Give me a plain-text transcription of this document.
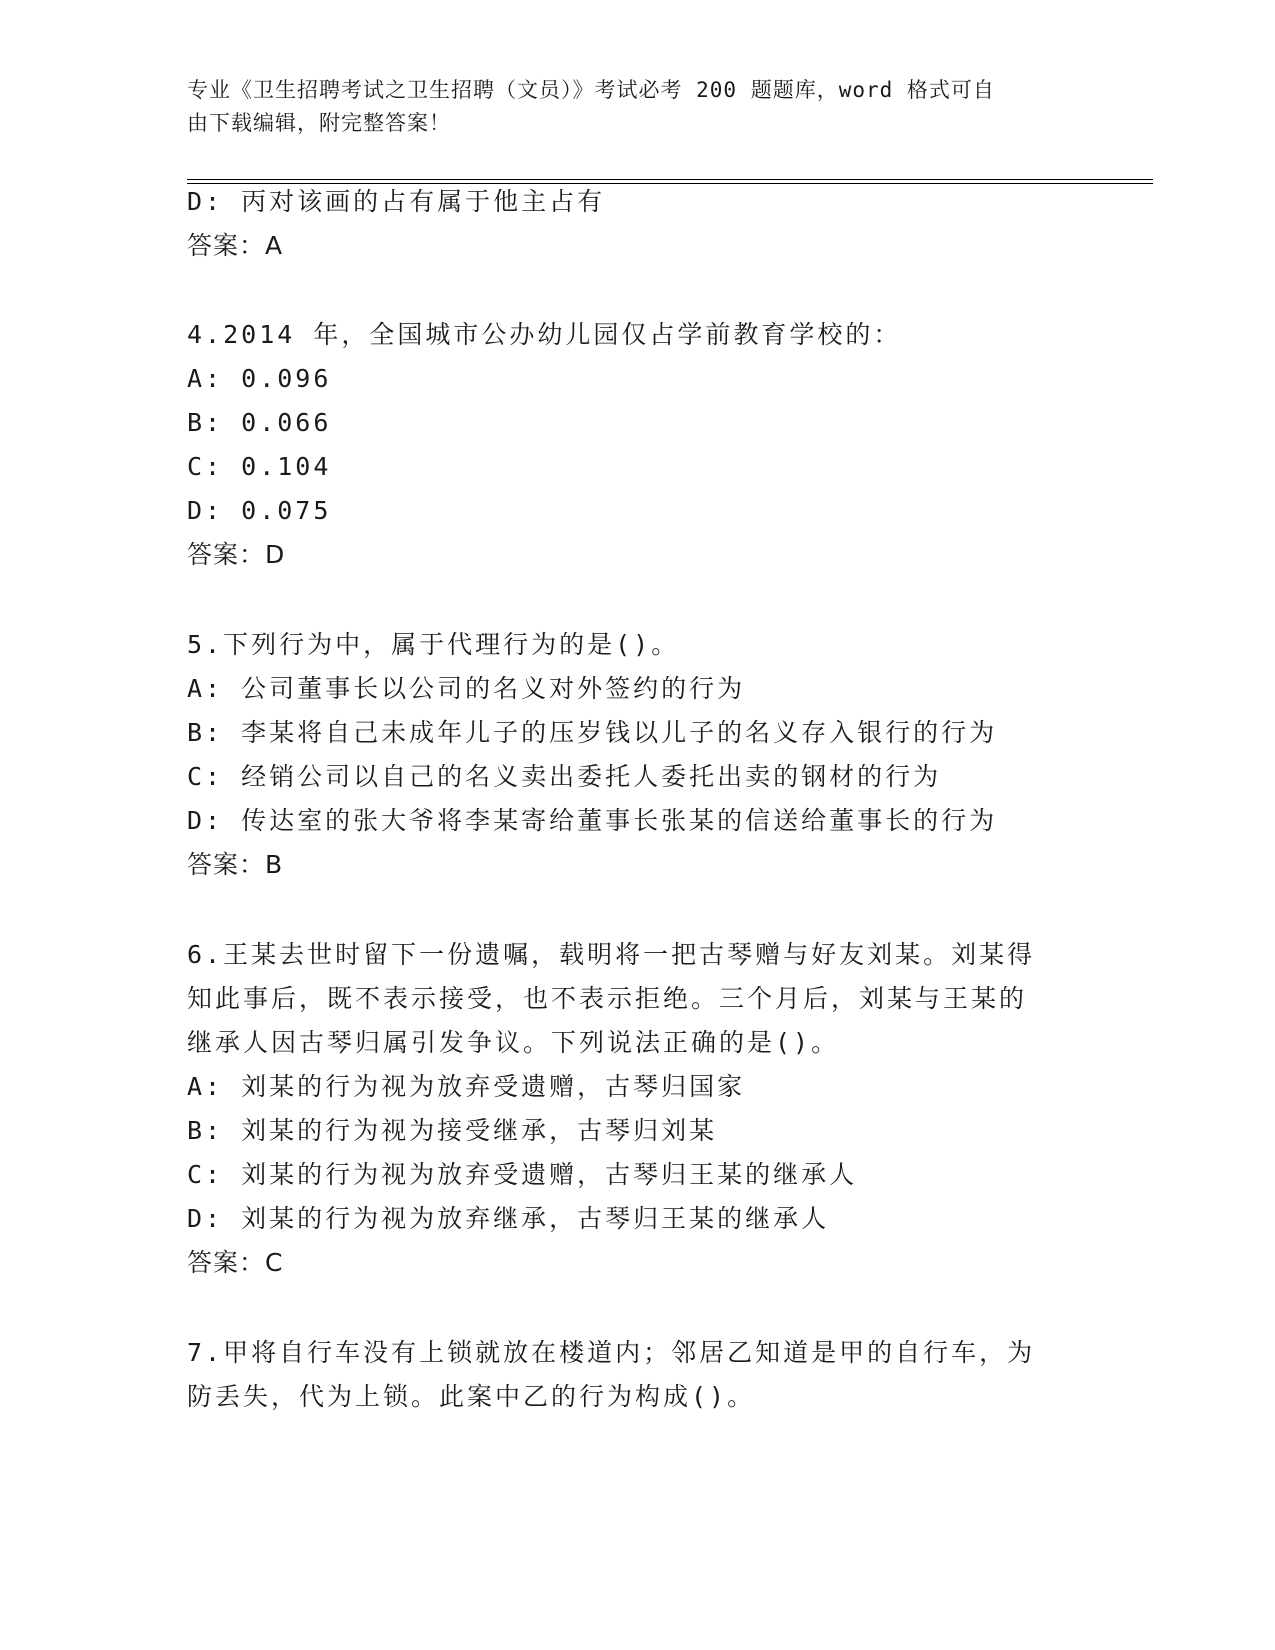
专业《卫生招聘考试之卫生招聘（文员）》考试必考 200 题题库，word 格式可自
由下载编辑，附完整答案！
D: 丙对该画的占有属于他主占有
答案：A
4.2014 年，全国城市公办幼儿园仅占学前教育学校的：
A: 0.096
B: 0.066
C: 0.104
D: 0.075
答案：D
5.下列行为中，属于代理行为的是()。
A: 公司董事长以公司的名义对外签约的行为
B: 李某将自己未成年儿子的压岁钱以儿子的名义存入银行的行为
C: 经销公司以自己的名义卖出委托人委托出卖的钢材的行为
D: 传达室的张大爷将李某寄给董事长张某的信送给董事长的行为
答案：B
6.王某去世时留下一份遗嘱，载明将一把古琴赠与好友刘某。刘某得
知此事后，既不表示接受，也不表示拒绝。三个月后，刘某与王某的
继承人因古琴归属引发争议。下列说法正确的是()。
A: 刘某的行为视为放弃受遗赠，古琴归国家
B: 刘某的行为视为接受继承，古琴归刘某
C: 刘某的行为视为放弃受遗赠，古琴归王某的继承人
D: 刘某的行为视为放弃继承，古琴归王某的继承人
答案：C
7.甲将自行车没有上锁就放在楼道内；邻居乙知道是甲的自行车，为
防丢失，代为上锁。此案中乙的行为构成()。
